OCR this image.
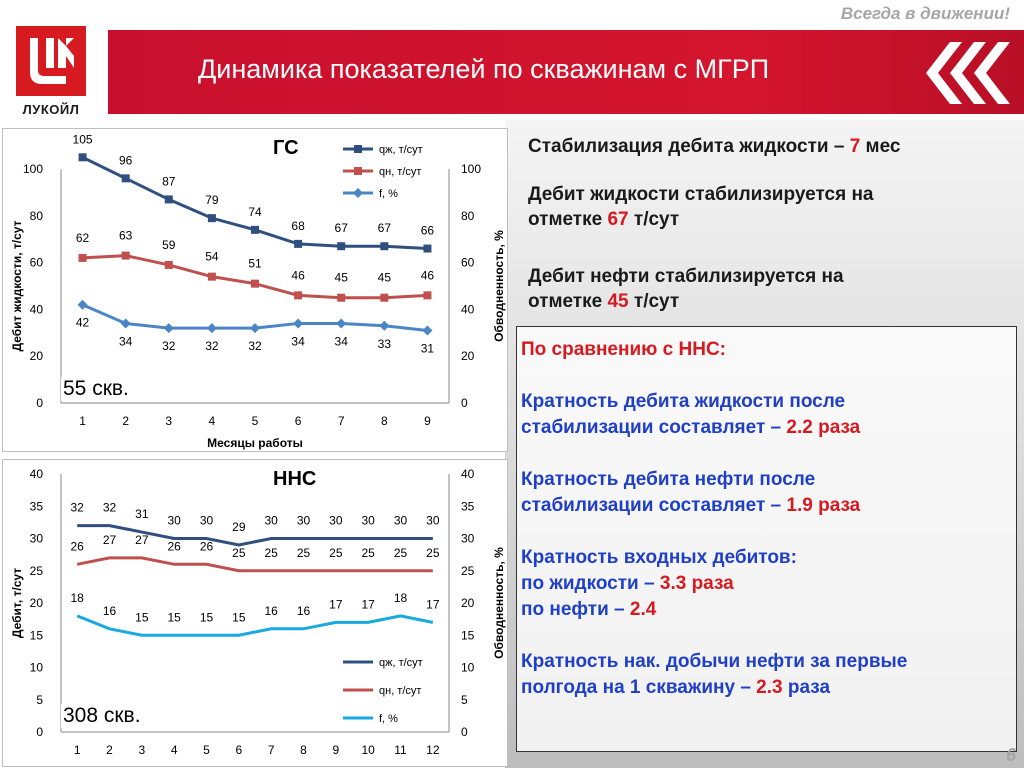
Всегда в движении!
ЛУКОЙЛ
Динамика показателей по скважинам с МГРП
0	0
20	20
40	40
60	60
80	80
100	100
1	2	3	4	5	6	7	8	9
Месяцы работы
Дебит жидкости, т/сут	Обводненность, %
105
96
87
79
74
68 67 67 66
62 63
59
54
51
46 45 45 46
42
34 32 32 32 34 34 33 31
qж, т/сут
qн, т/сут
f, %
ГС
55 скв.
0	0
5	5
10	10
15	15
20	20
25	25
30	30
35	35
40	40
1 2 3 4 5 6 7 8 9 10 11 12
Дебит, т/сут	Обводненность, %
32 32 31 30 30 29 30 30 30 30 30 30
26 27 27 26 26 25 25 25 25 25 25 25
18
16 15 15 15 15 16 16 17 17 18 17
qж, т/сут
qн, т/сут
f, %
ННС
308 скв.
Стабилизация дебита жидкости – 7 мес
Дебит жидкости стабилизируется на
отметке 67 т/сут
Дебит нефти стабилизируется на
отметке 45 т/сут

По сравнению с ННС:

Кратность дебита жидкости после

стабилизации составляет – 2.2 раза

Кратность дебита нефти после

стабилизации составляет – 1.9 раза

Кратность входных дебитов:

по жидкости – 3.3 раза

по нефти – 2.4

Кратность нак. добычи нефти за первые

полгода на 1 скважину – 2.3 раза

6
